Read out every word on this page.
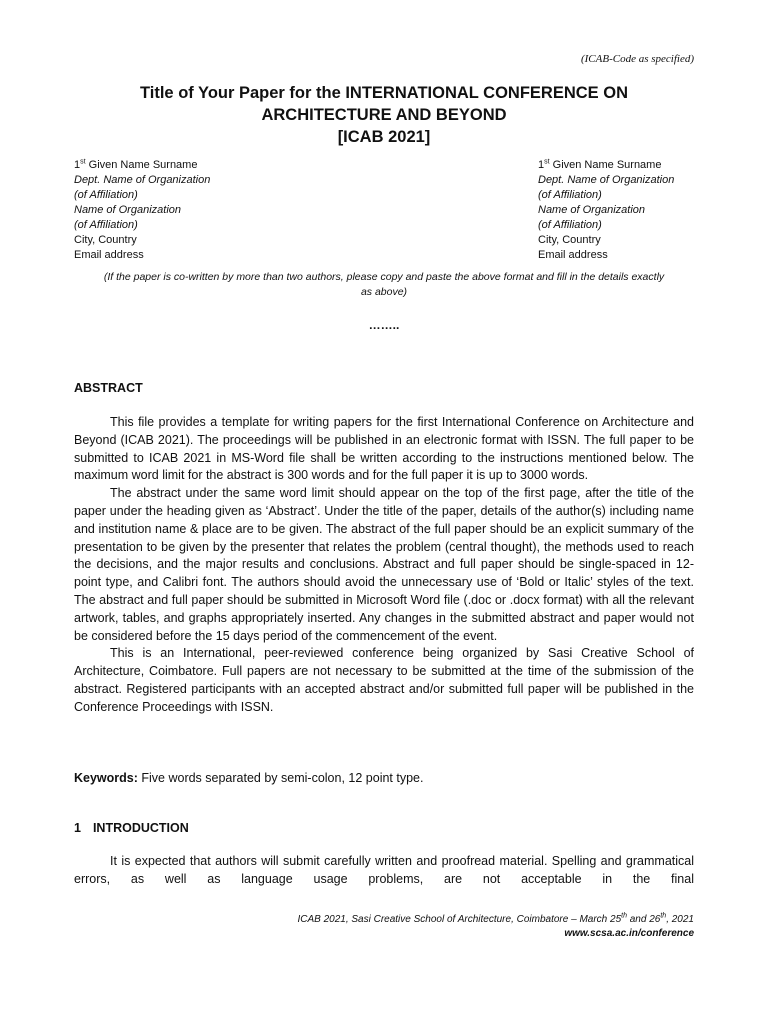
(ICAB-Code as specified)
Title of Your Paper for the INTERNATIONAL CONFERENCE ON
ARCHITECTURE AND BEYOND
[ICAB 2021]
1st Given Name Surname
Dept. Name of Organization
(of Affiliation)
Name of Organization
(of Affiliation)
City, Country
Email address
1st Given Name Surname
Dept. Name of Organization
(of Affiliation)
Name of Organization
(of Affiliation)
City, Country
Email address
(If the paper is co-written by more than two authors, please copy and paste the above format and fill in the details exactly as above)
……..
ABSTRACT

This file provides a template for writing papers for the first International Conference on Architecture and Beyond (ICAB 2021). The proceedings will be published in an electronic format with ISSN. The full paper to be submitted to ICAB 2021 in MS-Word file shall be written according to the instructions mentioned below. The maximum word limit for the abstract is 300 words and for the full paper it is up to 3000 words.

The abstract under the same word limit should appear on the top of the first page, after the title of the paper under the heading given as ‘Abstract’. Under the title of the paper, details of the author(s) including name and institution name & place are to be given. The abstract of the full paper should be an explicit summary of the presentation to be given by the presenter that relates the problem (central thought), the methods used to reach the decisions, and the major results and conclusions. Abstract and full paper should be single-spaced in 12-point type, and Calibri font. The authors should avoid the unnecessary use of ‘Bold or Italic’ styles of the text. The abstract and full paper should be submitted in Microsoft Word file (.doc or .docx format) with all the relevant artwork, tables, and graphs appropriately inserted. Any changes in the submitted abstract and paper would not be considered before the 15 days period of the commencement of the event.

This is an International, peer-reviewed conference being organized by Sasi Creative School of Architecture, Coimbatore. Full papers are not necessary to be submitted at the time of the submission of the abstract. Registered participants with an accepted abstract and/or submitted full paper will be published in the Conference Proceedings with ISSN.

Keywords: Five words separated by semi-colon, 12 point type.
1 INTRODUCTION

It is expected that authors will submit carefully written and proofread material. Spelling and grammatical errors, as well as language usage problems, are not acceptable in the final

ICAB 2021, Sasi Creative School of Architecture, Coimbatore – March 25th and 26th, 2021
www.scsa.ac.in/conference
